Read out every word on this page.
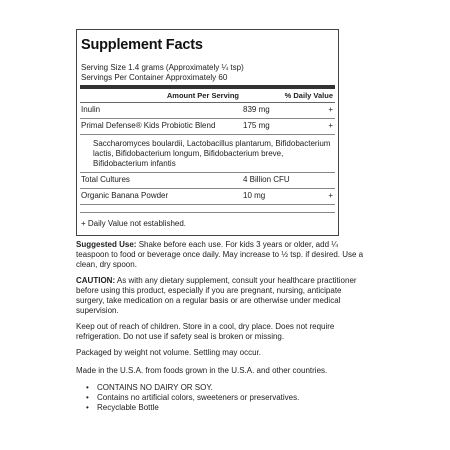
Supplement Facts
Serving Size 1.4 grams (Approximately ¼ tsp)
Servings Per Container Approximately 60
Amount Per Serving	% Daily Value
Inulin	839 mg	+
Primal Defense® Kids Probiotic Blend	175 mg	+
Saccharomyces boulardii, Lactobacillus plantarum, Bifidobacterium lactis, Bifidobacterium longum, Bifidobacterium breve, Bifidobacterium infantis
Total Cultures	4 Billion CFU
Organic Banana Powder	10 mg	+
+ Daily Value not established.

Suggested Use: Shake before each use. For kids 3 years or older, add ¼ teaspoon to food or beverage once daily. May increase to ½ tsp. if desired. Use a clean, dry spoon.

CAUTION: As with any dietary supplement, consult your healthcare practitioner before using this product, especially if you are pregnant, nursing, anticipate surgery, take medication on a regular basis or are otherwise under medical supervision.

Keep out of reach of children. Store in a cool, dry place. Does not require refrigeration. Do not use if safety seal is broken or missing.
Packaged by weight not volume. Settling may occur.
Made in the U.S.A. from foods grown in the U.S.A. and other countries.
• CONTAINS NO DAIRY OR SOY.
• Contains no artificial colors, sweeteners or preservatives.
• Recyclable Bottle
